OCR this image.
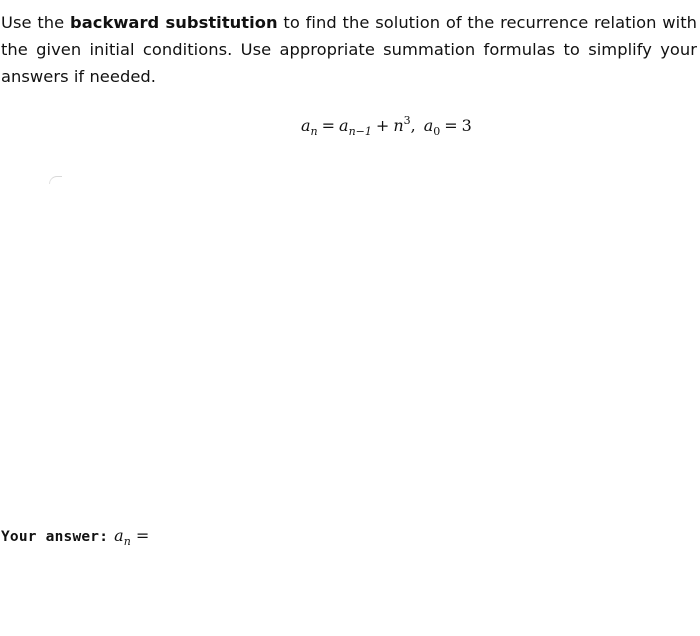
Use the backward substitution to find the solution of the recurrence relation with the given initial conditions. Use appropriate summation formulas to simplify your answers if needed.
$a_n = a_{n-1} + n^3$, $a_0 = 3$
Your answer: $a_n$ =
